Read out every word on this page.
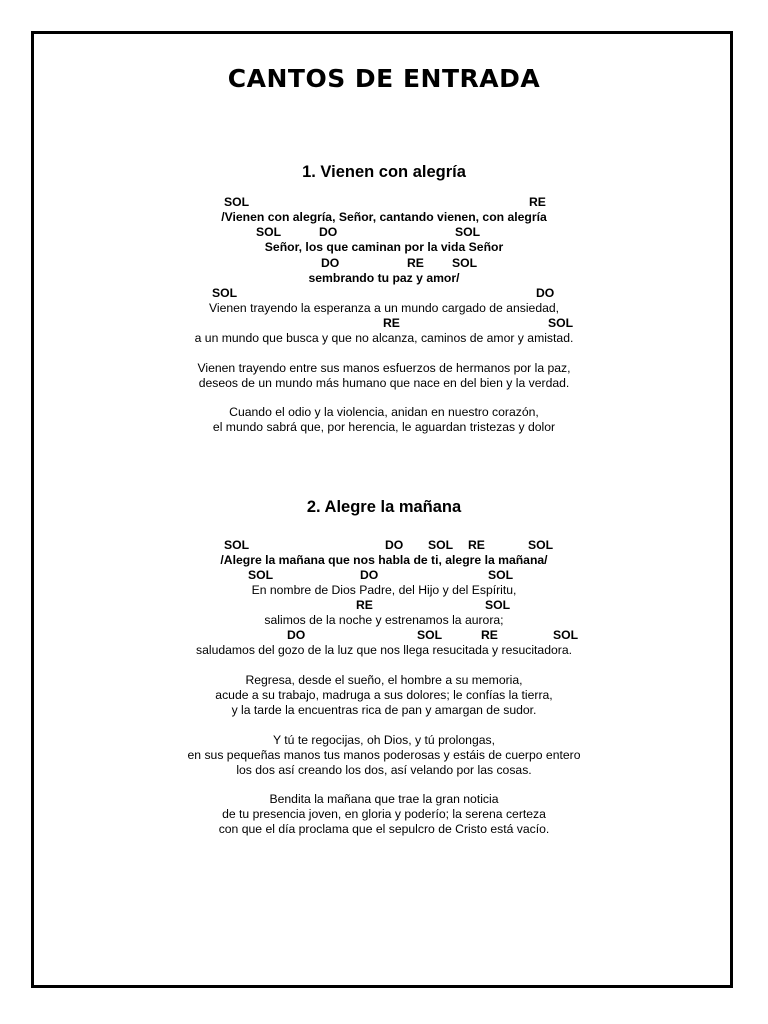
CANTOS DE ENTRADA
1. Vienen con alegría
SOL	RE
/Vienen con alegría, Señor, cantando vienen, con alegría
SOL	DO	SOL
Señor, los que caminan por la vida Señor
DO	RE SOL
sembrando tu paz y amor/
SOL	DO
Vienen trayendo la esperanza a un mundo cargado de ansiedad,
RE	SOL
a un mundo que busca y que no alcanza, caminos de amor y amistad.
Vienen trayendo entre sus manos esfuerzos de hermanos por la paz,
deseos de un mundo más humano que nace en del bien y la verdad.
Cuando el odio y la violencia, anidan en nuestro corazón,
el mundo sabrá que, por herencia, le aguardan tristezas y dolor
2. Alegre la mañana
SOL	DO SOL RE	SOL
/Alegre la mañana que nos habla de ti, alegre la mañana/
SOL	DO	SOL
En nombre de Dios Padre, del Hijo y del Espíritu,
RE	SOL
salimos de la noche y estrenamos la aurora;
DO	SOL	RE	SOL
saludamos del gozo de la luz que nos llega resucitada y resucitadora.
Regresa, desde el sueño, el hombre a su memoria,
acude a su trabajo, madruga a sus dolores; le confías la tierra,
y la tarde la encuentras rica de pan y amargan de sudor.
Y tú te regocijas, oh Dios, y tú prolongas,
en sus pequeñas manos tus manos poderosas y estáis de cuerpo entero
los dos así creando los dos, así velando por las cosas.
Bendita la mañana que trae la gran noticia
de tu presencia joven, en gloria y poderío; la serena certeza
con que el día proclama que el sepulcro de Cristo está vacío.
